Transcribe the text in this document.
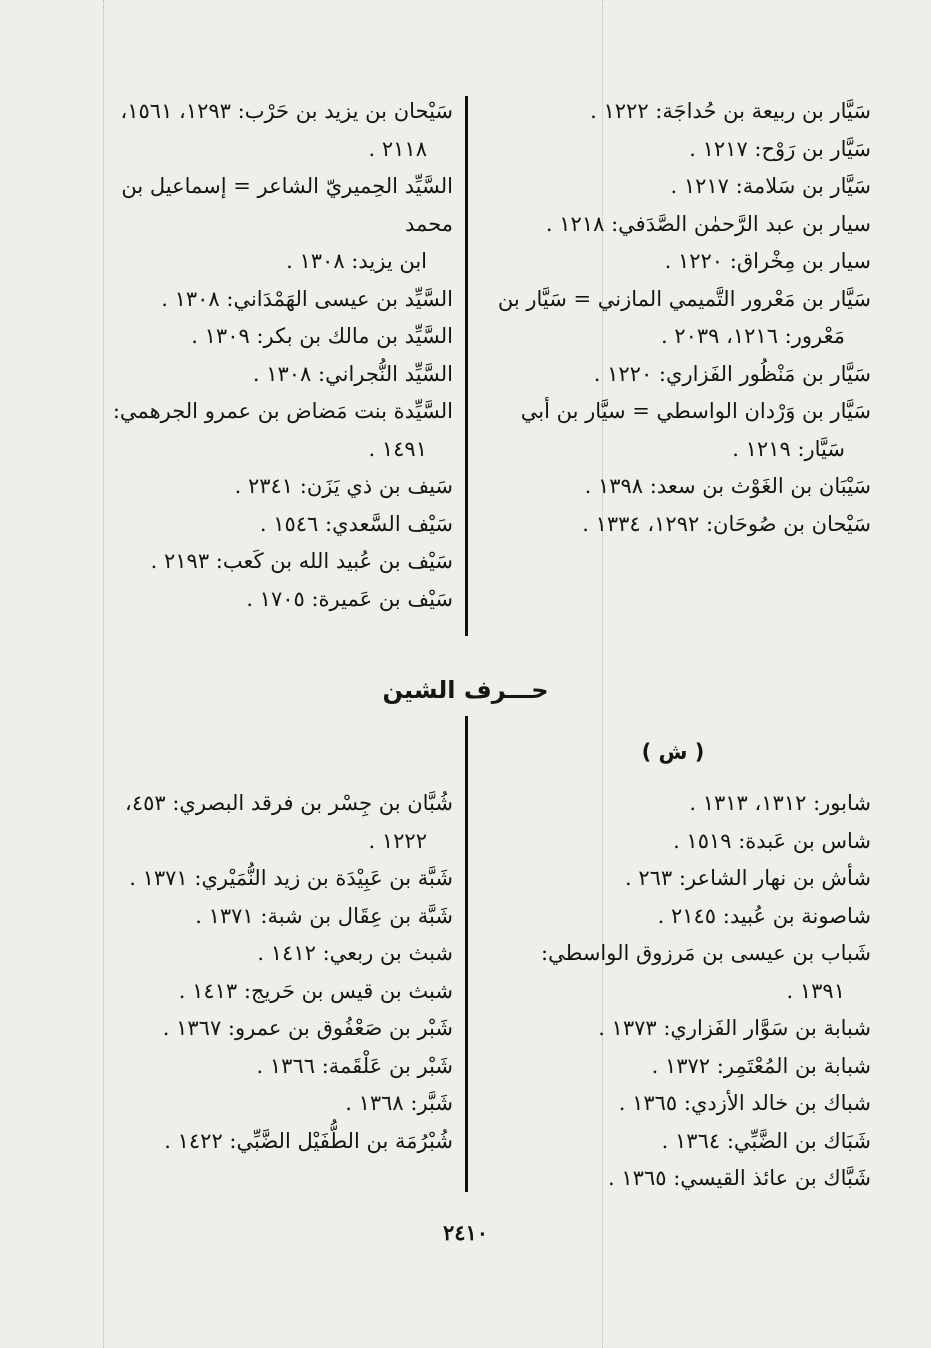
سَيَّار بن ربيعة بن حُداجَة: ١٢٢٢ .
سَيَّار بن رَوْح: ١٢١٧ .
سَيَّار بن سَلامة: ١٢١٧ .
سيار بن عبد الرَّحمٰن الصَّدَفي: ١٢١٨ .
سيار بن مِخْراق: ١٢٢٠ .
سَيَّار بن مَعْرور التَّميمي المازني = سَيَّار بن
مَعْرور: ١٢١٦، ٢٠٣٩ .
سَيَّار بن مَنْظُور الفَزاري: ١٢٢٠ .
سَيَّار بن وَرْدان الواسطي = سيَّار بن أبي
سَيَّار: ١٢١٩ .
سَيْبَان بن الغَوْث بن سعد: ١٣٩٨ .
سَيْحان بن صُوحَان: ١٢٩٢، ١٣٣٤ .
سَيْحان بن يزيد بن حَرْب: ١٢٩٣، ١٥٦١،
٢١١٨ .
السَّيِّد الحِميريّ الشاعر = إسماعيل بن محمد
ابن يزيد: ١٣٠٨ .
السَّيِّد بن عيسى الهَمْدَاني: ١٣٠٨ .
السَّيِّد بن مالك بن بكر: ١٣٠٩ .
السَّيِّد النُّجراني: ١٣٠٨ .
السَّيِّدة بنت مَضاض بن عمرو الجرهمي:
١٤٩١ .
سَيف بن ذي يَزَن: ٢٣٤١ .
سَيْف السَّعدي: ١٥٤٦ .
سَيْف بن عُبيد الله بن كَعب: ٢١٩٣ .
سَيْف بن عَميرة: ١٧٠٥ .
حـــرف الشين
( ش )
شابور: ١٣١٢، ١٣١٣ .
شاس بن عَبدة: ١٥١٩ .
شأش بن نهار الشاعر: ٢٦٣ .
شاصونة بن عُبيد: ٢١٤٥ .
شَباب بن عيسى بن مَرزوق الواسطي:
١٣٩١ .
شبابة بن سَوَّار الفَزاري: ١٣٧٣ .
شبابة بن المُعْتَمِر: ١٣٧٢ .
شباك بن خالد الأزدي: ١٣٦٥ .
شَبَاك بن الضَّبِّي: ١٣٦٤ .
شَبَّاك بن عائذ القيسي: ١٣٦٥ .
شُبَّان بن جِسْر بن فرقد البصري: ٤٥٣،
١٢٢٢ .
شَبَّة بن عَبِيْدَة بن زيد النُّمَيْري: ١٣٧١ .
شَبَّة بن عِقَال بن شبة: ١٣٧١ .
شبث بن ربعي: ١٤١٢ .
شبث بن قيس بن حَريج: ١٤١٣ .
شَبْر بن صَعْفُوق بن عمرو: ١٣٦٧ .
شَبْر بن عَلْقَمة: ١٣٦٦ .
شَبَّر: ١٣٦٨ .
شُبْرُمَة بن الطُّفَيْل الضَّبِّي: ١٤٢٢ .
٢٤١٠
